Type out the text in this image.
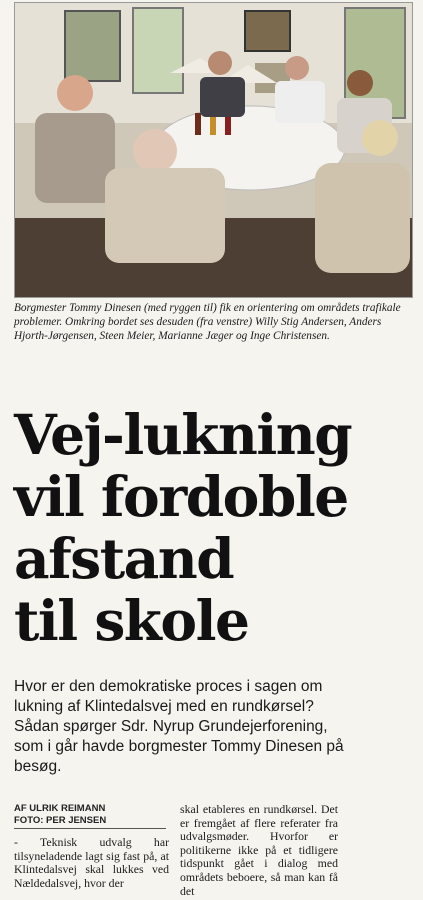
Borgmester Tommy Dinesen (med ryggen til) fik en orientering om områdets trafikale problemer. Omkring bordet ses desuden (fra venstre) Willy Stig Andersen, Anders Hjorth-Jørgensen, Steen Meier, Marianne Jæger og Inge Christensen.
Vej-lukning
vil fordoble
afstand
til skole
Hvor er den demokratiske proces i sagen om lukning af Klintedalsvej med en rundkørsel? Sådan spørger Sdr. Nyrup Grundejerforening, som i går havde borgmester Tommy Dinesen på besøg.
AF ULRIK REIMANN
FOTO: PER JENSEN
- Teknisk udvalg har tilsyneladende lagt sig fast på, at Klintedalsvej skal lukkes ved Nældedalsvej, hvor der
skal etableres en rundkørsel. Det er fremgået af flere referater fra udvalgsmøder. Hvorfor er politikerne ikke på et tidligere tidspunkt gået i dialog med områdets beboere, så man kan få det
